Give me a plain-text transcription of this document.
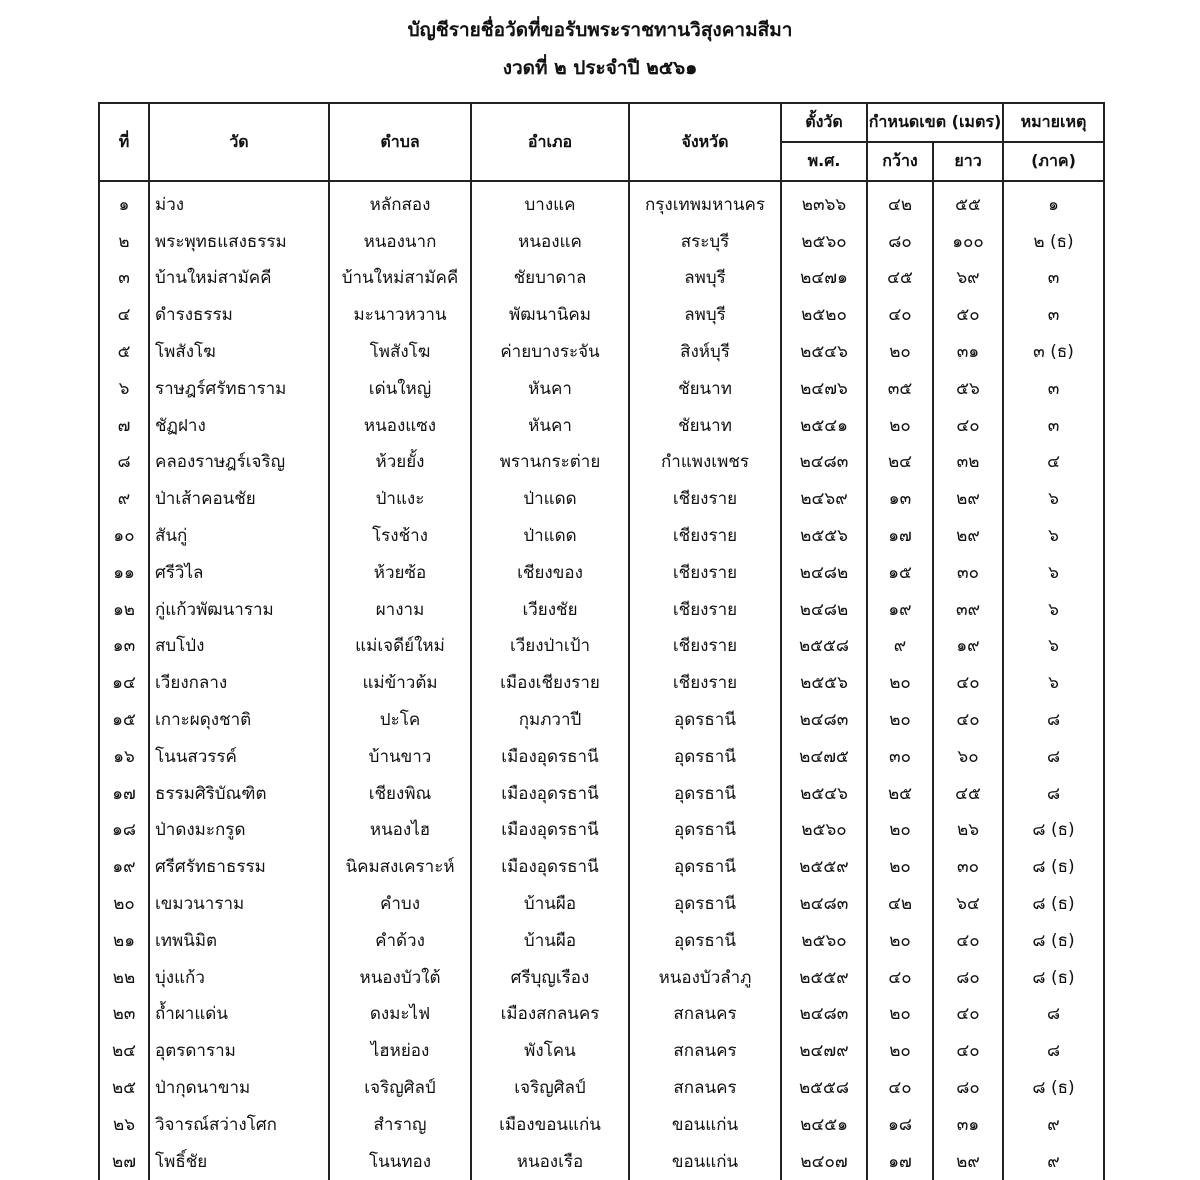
บัญชีรายชื่อวัดที่ขอรับพระราชทานวิสุงคามสีมา
งวดที่ ๒ ประจำปี ๒๕๖๑
ที่	วัด	ตำบล	อำเภอ	จังหวัด	ตั้งวัด	กำหนดเขต (เมตร)		หมายเหตุ
					พ.ศ.	กว้าง	ยาว	(ภาค)
๑	ม่วง	หลักสอง	บางแค	กรุงเทพมหานคร	๒๓๖๖	๔๒	๕๕	๑
๒	พระพุทธแสงธรรม	หนองนาก	หนองแค	สระบุรี	๒๕๖๐	๘๐	๑๐๐	๒ (ธ)
๓	บ้านใหม่สามัคคี	บ้านใหม่สามัคคี	ชัยบาดาล	ลพบุรี	๒๔๗๑	๔๕	๖๙	๓
๔	ดำรงธรรม	มะนาวหวาน	พัฒนานิคม	ลพบุรี	๒๕๒๐	๔๐	๕๐	๓
๕	โพสังโฆ	โพสังโฆ	ค่ายบางระจัน	สิงห์บุรี	๒๕๔๖	๒๐	๓๑	๓ (ธ)
๖	ราษฎร์ศรัทธาราม	เด่นใหญ่	หันคา	ชัยนาท	๒๔๗๖	๓๕	๕๖	๓
๗	ชัฏฝาง	หนองแซง	หันคา	ชัยนาท	๒๕๔๑	๒๐	๔๐	๓
๘	คลองราษฎร์เจริญ	ห้วยยั้ง	พรานกระต่าย	กำแพงเพชร	๒๔๘๓	๒๔	๓๒	๔
๙	ป่าเส้าคอนชัย	ป่าแงะ	ป่าแดด	เชียงราย	๒๔๖๙	๑๓	๒๙	๖
๑๐	สันกู่	โรงช้าง	ป่าแดด	เชียงราย	๒๕๕๖	๑๗	๒๙	๖
๑๑	ศรีวิไล	ห้วยซ้อ	เชียงของ	เชียงราย	๒๔๘๒	๑๕	๓๐	๖
๑๒	กู่แก้วพัฒนาราม	ผางาม	เวียงชัย	เชียงราย	๒๔๘๒	๑๙	๓๙	๖
๑๓	สบโป่ง	แม่เจดีย์ใหม่	เวียงป่าเป้า	เชียงราย	๒๕๕๘	๙	๑๙	๖
๑๔	เวียงกลาง	แม่ข้าวต้ม	เมืองเชียงราย	เชียงราย	๒๕๕๖	๒๐	๔๐	๖
๑๕	เกาะผดุงชาติ	ปะโค	กุมภวาปี	อุดรธานี	๒๔๘๓	๒๐	๔๐	๘
๑๖	โนนสวรรค์	บ้านขาว	เมืองอุดรธานี	อุดรธานี	๒๔๗๕	๓๐	๖๐	๘
๑๗	ธรรมศิริบัณฑิต	เชียงพิณ	เมืองอุดรธานี	อุดรธานี	๒๕๔๖	๒๕	๔๕	๘
๑๘	ป่าดงมะกรูด	หนองไฮ	เมืองอุดรธานี	อุดรธานี	๒๕๖๐	๒๐	๒๖	๘ (ธ)
๑๙	ศรีศรัทธาธรรม	นิคมสงเคราะห์	เมืองอุดรธานี	อุดรธานี	๒๕๕๙	๒๐	๓๐	๘ (ธ)
๒๐	เขมวนาราม	คำบง	บ้านผือ	อุดรธานี	๒๔๘๓	๔๒	๖๔	๘ (ธ)
๒๑	เทพนิมิต	คำด้วง	บ้านผือ	อุดรธานี	๒๕๖๐	๒๐	๔๐	๘ (ธ)
๒๒	บุ่งแก้ว	หนองบัวใต้	ศรีบุญเรือง	หนองบัวลำภู	๒๕๕๙	๔๐	๘๐	๘ (ธ)
๒๓	ถ้ำผาแด่น	ดงมะไฟ	เมืองสกลนคร	สกลนคร	๒๔๘๓	๒๐	๔๐	๘
๒๔	อุตรดาราม	ไฮหย่อง	พังโคน	สกลนคร	๒๔๗๙	๒๐	๔๐	๘
๒๕	ป่ากุดนาขาม	เจริญศิลป์	เจริญศิลป์	สกลนคร	๒๕๕๘	๔๐	๘๐	๘ (ธ)
๒๖	วิจารณ์สว่างโศก	สำราญ	เมืองขอนแก่น	ขอนแก่น	๒๔๕๑	๑๘	๓๑	๙
๒๗	โพธิ์ชัย	โนนทอง	หนองเรือ	ขอนแก่น	๒๔๐๗	๑๗	๒๙	๙
